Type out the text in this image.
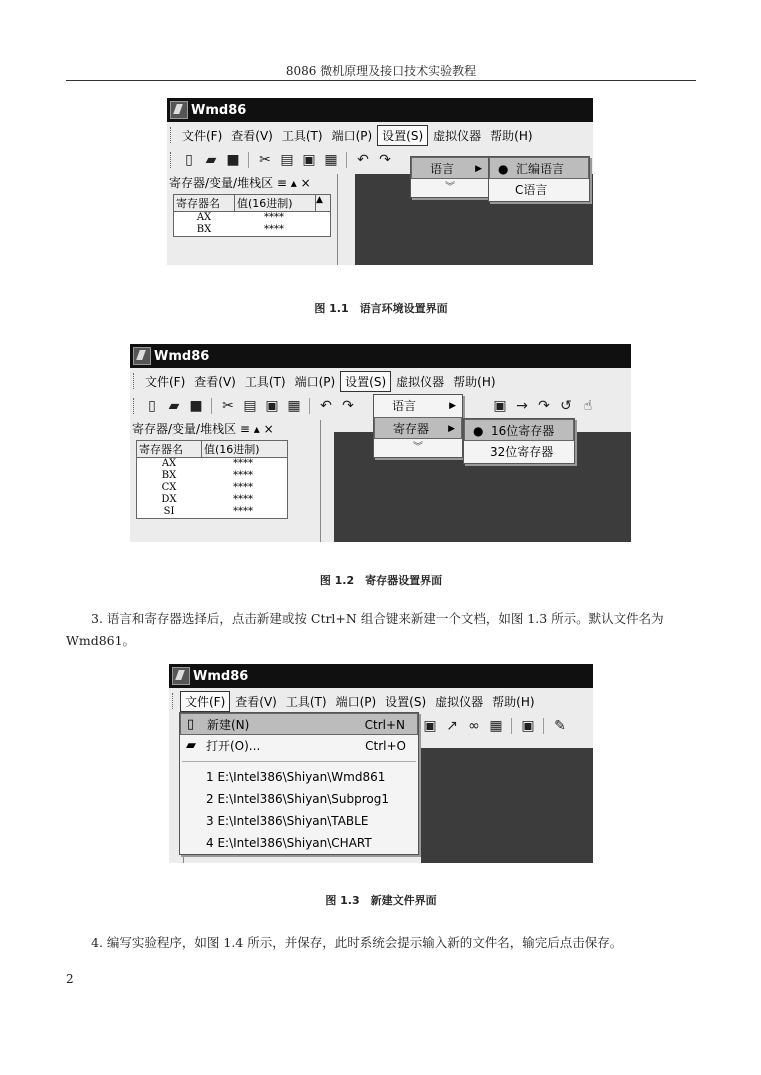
8086 微机原理及接口技术实验教程
Wmd86
文件(F) 查看(V) 工具(T) 端口(P) 设置(S) 虚拟仪器 帮助(H)
▯ ▰ ■ ✂ ▤ ▣ ▦ ↶ ↷
寄存器/变量/堆栈区 ≡ ▴ ×
寄存器名	值(16进制)	▲
AX	****
BX	****
语言 ▶
︾
● 汇编语言
C语言
图 1.1　语言环境设置界面
Wmd86
文件(F) 查看(V) 工具(T) 端口(P) 设置(S) 虚拟仪器 帮助(H)
▯ ▰ ■ ✂ ▤ ▣ ▦ ↶ ↷	▣ → ↷ ↺ ☝
寄存器/变量/堆栈区 ≡ ▴ ×
寄存器名	值(16进制)
AX	****
BX	****
CX	****
DX	****
SI	****
语言	▶
寄存器 ▶
︾
● 16位寄存器
32位寄存器
图 1.2　寄存器设置界面
3. 语言和寄存器选择后，点击新建或按 Ctrl+N 组合键来新建一个文档，如图 1.3 所示。默认文件名为 Wmd861。
Wmd86
文件(F) 查看(V) 工具(T) 端口(P) 设置(S) 虚拟仪器 帮助(H)
▣ ↗ ∞ ▦ ▣ ✎
▯ 新建(N)	Ctrl+N
▰ 打开(O)...	Ctrl+O
1 E:\Intel386\Shiyan\Wmd861
2 E:\Intel386\Shiyan\Subprog1
3 E:\Intel386\Shiyan\TABLE
4 E:\Intel386\Shiyan\CHART
图 1.3　新建文件界面
4. 编写实验程序，如图 1.4 所示，并保存，此时系统会提示输入新的文件名，输完后点击保存。
2
